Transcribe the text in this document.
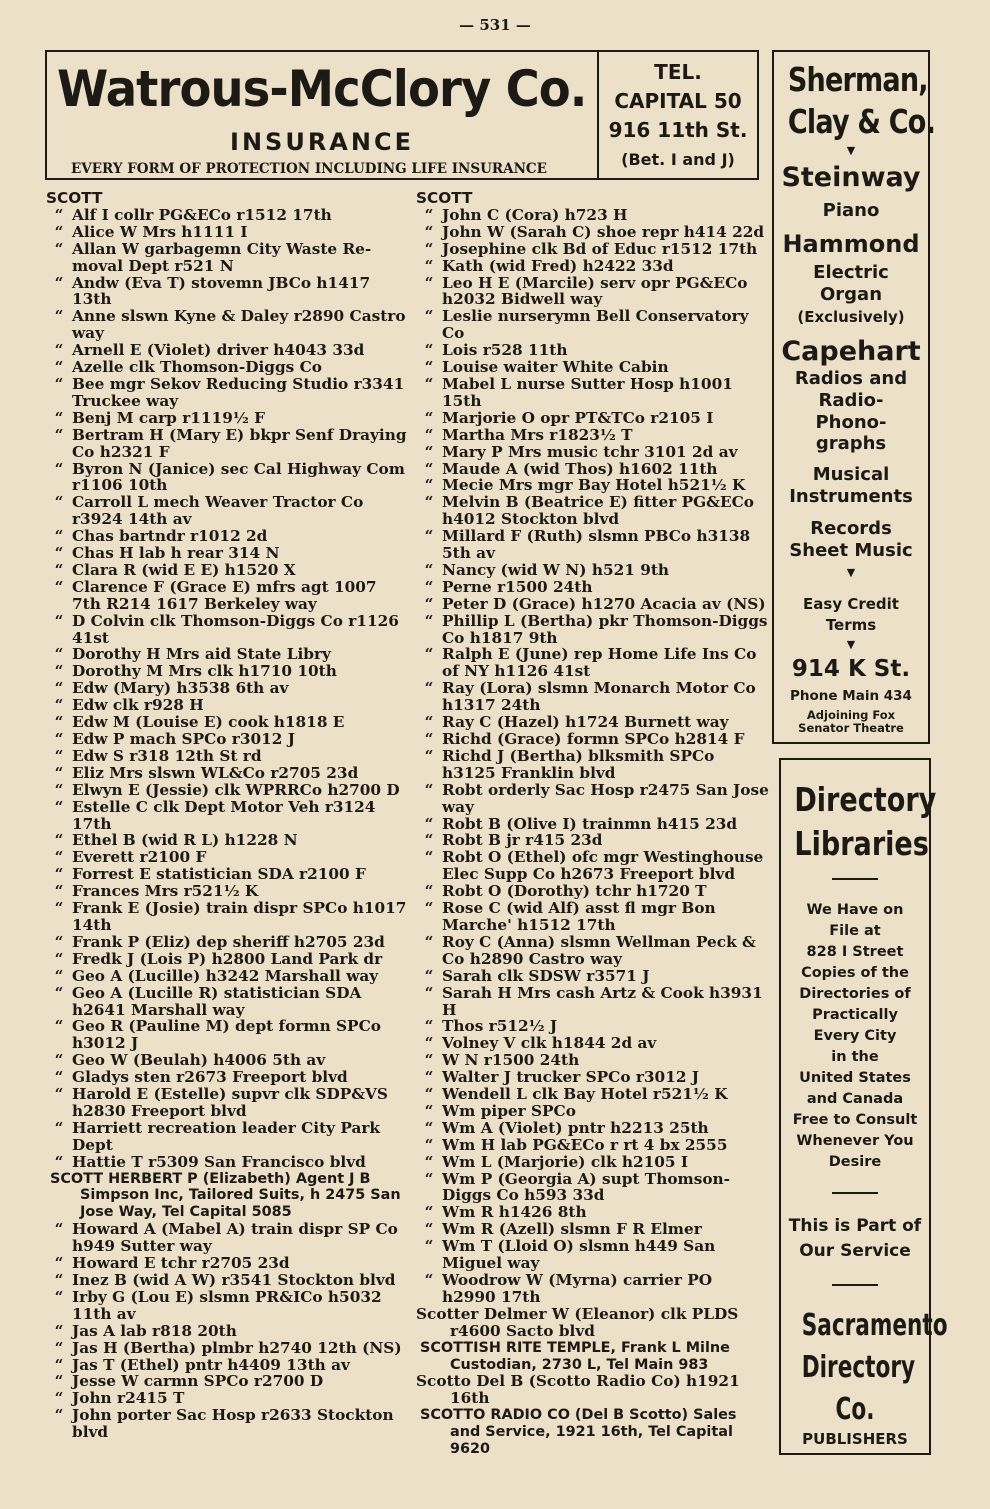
— 531 —
Watrous-McClory Co.
INSURANCE
EVERY FORM OF PROTECTION INCLUDING LIFE INSURANCE
TEL.
CAPITAL 50
916 11th St.
(Bet. I and J)
SCOTT
“ Alf I collr PG&ECo r1512 17th
“ Alice W Mrs h1111 I
“ Allan W garbagemn City Waste Removal Dept r521 N
“ Andw (Eva T) stovemn JBCo h1417 13th
“ Anne slswn Kyne & Daley r2890 Castro way
“ Arnell E (Violet) driver h4043 33d
“ Azelle clk Thomson-Diggs Co
“ Bee mgr Sekov Reducing Studio r3341 Truckee way
“ Benj M carp r1119½ F
“ Bertram H (Mary E) bkpr Senf Draying Co h2321 F
“ Byron N (Janice) sec Cal Highway Com r1106 10th
“ Carroll L mech Weaver Tractor Co r3924 14th av
“ Chas bartndr r1012 2d
“ Chas H lab h rear 314 N
“ Clara R (wid E E) h1520 X
“ Clarence F (Grace E) mfrs agt 1007 7th R214 1617 Berkeley way
“ D Colvin clk Thomson-Diggs Co r1126 41st
“ Dorothy H Mrs aid State Libry
“ Dorothy M Mrs clk h1710 10th
“ Edw (Mary) h3538 6th av
“ Edw clk r928 H
“ Edw M (Louise E) cook h1818 E
“ Edw P mach SPCo r3012 J
“ Edw S r318 12th St rd
“ Eliz Mrs slswn WL&Co r2705 23d
“ Elwyn E (Jessie) clk WPRRCo h2700 D
“ Estelle C clk Dept Motor Veh r3124 17th
“ Ethel B (wid R L) h1228 N
“ Everett r2100 F
“ Forrest E statistician SDA r2100 F
“ Frances Mrs r521½ K
“ Frank E (Josie) train dispr SPCo h1017 14th
“ Frank P (Eliz) dep sheriff h2705 23d
“ Fredk J (Lois P) h2800 Land Park dr
“ Geo A (Lucille) h3242 Marshall way
“ Geo A (Lucille R) statistician SDA h2641 Marshall way
“ Geo R (Pauline M) dept formn SPCo h3012 J
“ Geo W (Beulah) h4006 5th av
“ Gladys sten r2673 Freeport blvd
“ Harold E (Estelle) supvr clk SDP&VS h2830 Freeport blvd
“ Harriett recreation leader City Park Dept
“ Hattie T r5309 San Francisco blvd
SCOTT HERBERT P (Elizabeth) Agent J B Simpson Inc, Tailored Suits, h 2475 San Jose Way, Tel Capital 5085
“ Howard A (Mabel A) train dispr SP Co h949 Sutter way
“ Howard E tchr r2705 23d
“ Inez B (wid A W) r3541 Stockton blvd
“ Irby G (Lou E) slsmn PR&ICo h5032 11th av
“ Jas A lab r818 20th
“ Jas H (Bertha) plmbr h2740 12th (NS)
“ Jas T (Ethel) pntr h4409 13th av
“ Jesse W carmn SPCo r2700 D
“ John r2415 T
“ John porter Sac Hosp r2633 Stockton blvd
SCOTT
“ John C (Cora) h723 H
“ John W (Sarah C) shoe repr h414 22d
“ Josephine clk Bd of Educ r1512 17th
“ Kath (wid Fred) h2422 33d
“ Leo H E (Marcile) serv opr PG&ECo h2032 Bidwell way
“ Leslie nurserymn Bell Conservatory Co
“ Lois r528 11th
“ Louise waiter White Cabin
“ Mabel L nurse Sutter Hosp h1001 15th
“ Marjorie O opr PT&TCo r2105 I
“ Martha Mrs r1823½ T
“ Mary P Mrs music tchr 3101 2d av
“ Maude A (wid Thos) h1602 11th
“ Mecie Mrs mgr Bay Hotel h521½ K
“ Melvin B (Beatrice E) fitter PG&ECo h4012 Stockton blvd
“ Millard F (Ruth) slsmn PBCo h3138 5th av
“ Nancy (wid W N) h521 9th
“ Perne r1500 24th
“ Peter D (Grace) h1270 Acacia av (NS)
“ Phillip L (Bertha) pkr Thomson-Diggs Co h1817 9th
“ Ralph E (June) rep Home Life Ins Co of NY h1126 41st
“ Ray (Lora) slsmn Monarch Motor Co h1317 24th
“ Ray C (Hazel) h1724 Burnett way
“ Richd (Grace) formn SPCo h2814 F
“ Richd J (Bertha) blksmith SPCo h3125 Franklin blvd
“ Robt orderly Sac Hosp r2475 San Jose way
“ Robt B (Olive I) trainmn h415 23d
“ Robt B jr r415 23d
“ Robt O (Ethel) ofc mgr Westinghouse Elec Supp Co h2673 Freeport blvd
“ Robt O (Dorothy) tchr h1720 T
“ Rose C (wid Alf) asst fl mgr Bon Marche' h1512 17th
“ Roy C (Anna) slsmn Wellman Peck & Co h2890 Castro way
“ Sarah clk SDSW r3571 J
“ Sarah H Mrs cash Artz & Cook h3931 H
“ Thos r512½ J
“ Volney V clk h1844 2d av
“ W N r1500 24th
“ Walter J trucker SPCo r3012 J
“ Wendell L clk Bay Hotel r521½ K
“ Wm piper SPCo
“ Wm A (Violet) pntr h2213 25th
“ Wm H lab PG&ECo r rt 4 bx 2555
“ Wm L (Marjorie) clk h2105 I
“ Wm P (Georgia A) supt Thomson-Diggs Co h593 33d
“ Wm R h1426 8th
“ Wm R (Azell) slsmn F R Elmer
“ Wm T (Lloid O) slsmn h449 San Miguel way
“ Woodrow W (Myrna) carrier PO h2990 17th
Scotter Delmer W (Eleanor) clk PLDS r4600 Sacto blvd
SCOTTISH RITE TEMPLE, Frank L Milne Custodian, 2730 L, Tel Main 983
Scotto Del B (Scotto Radio Co) h1921 16th
SCOTTO RADIO CO (Del B Scotto) Sales and Service, 1921 16th, Tel Capital 9620
Sherman,
Clay & Co.
▼
Steinway
Piano
Hammond
Electric
Organ
(Exclusively)
Capehart
Radios and
Radio-
Phono-
graphs
Musical
Instruments
Records
Sheet Music
▼
Easy Credit
Terms
▼
914 K St.
Phone Main 434
Adjoining Fox
Senator Theatre
Directory
Libraries
We Have on
File at
828 I Street
Copies of the
Directories of
Practically
Every City
in the
United States
and Canada
Free to Consult
Whenever You
Desire
This is Part of
Our Service
Sacramento
Directory
Co.
PUBLISHERS
